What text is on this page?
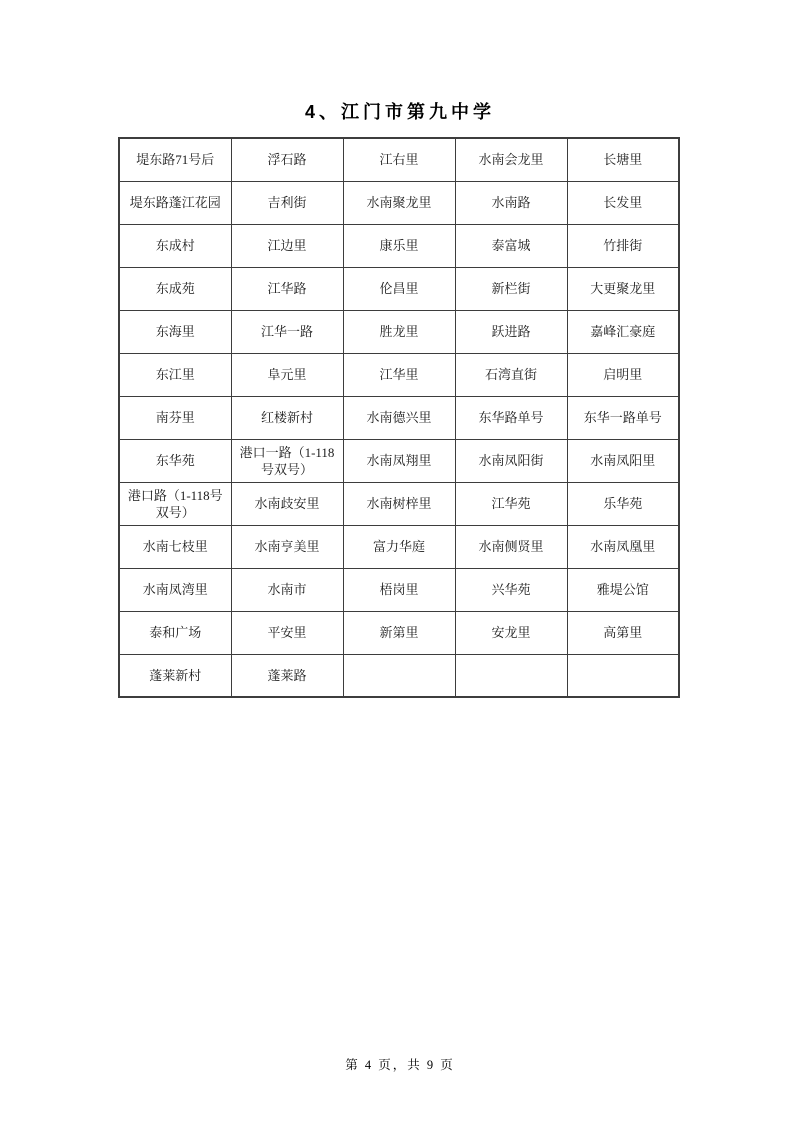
4、江门市第九中学
堤东路71号后	浮石路	江右里	水南会龙里	长塘里
堤东路蓬江花园	吉利街	水南聚龙里	水南路	长发里
东成村	江边里	康乐里	泰富城	竹排街
东成苑	江华路	伦昌里	新栏街	大更聚龙里
东海里	江华一路	胜龙里	跃进路	嘉峰汇豪庭
东江里	阜元里	江华里	石湾直街	启明里
南芬里	红楼新村	水南德兴里	东华路单号	东华一路单号
东华苑	港口一路（1-118号双号）	水南凤翔里	水南凤阳街	水南凤阳里
港口路（1-118号双号）	水南歧安里	水南树梓里	江华苑	乐华苑
水南七枝里	水南亨美里	富力华庭	水南侧贤里	水南凤凰里
水南凤湾里	水南市	梧岗里	兴华苑	雅堤公馆
泰和广场	平安里	新第里	安龙里	高第里
蓬莱新村	蓬莱路			
第 4 页，共 9 页
